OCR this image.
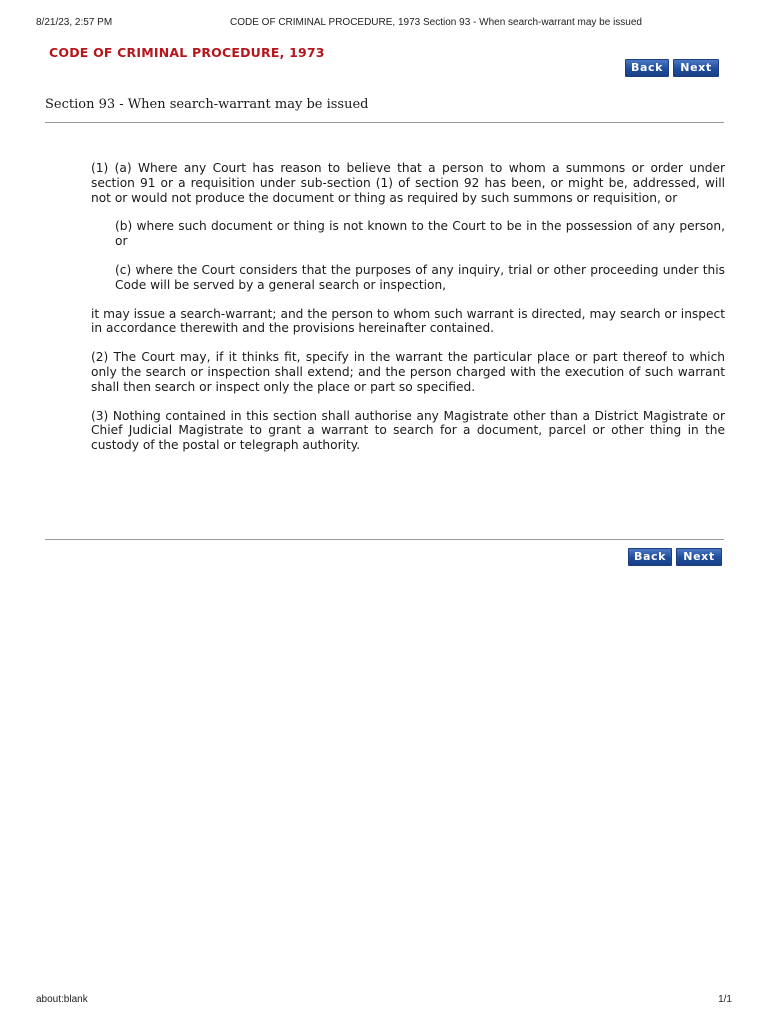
8/21/23, 2:57 PM	CODE OF CRIMINAL PROCEDURE, 1973 Section 93 - When search-warrant may be issued
CODE OF CRIMINAL PROCEDURE, 1973
Back	Next
Section 93 - When search-warrant may be issued

(1) (a) Where any Court has reason to believe that a person to whom a summons or order under section 91 or a requisition under sub-section (1) of section 92 has been, or might be, addressed, will not or would not produce the document or thing as required by such summons or requisition, or

(b) where such document or thing is not known to the Court to be in the possession of any person, or

(c) where the Court considers that the purposes of any inquiry, trial or other proceeding under this Code will be served by a general search or inspection,

it may issue a search-warrant; and the person to whom such warrant is directed, may search or inspect in accordance therewith and the provisions hereinafter contained.

(2) The Court may, if it thinks fit, specify in the warrant the particular place or part thereof to which only the search or inspection shall extend; and the person charged with the execution of such warrant shall then search or inspect only the place or part so specified.

(3) Nothing contained in this section shall authorise any Magistrate other than a District Magistrate or Chief Judicial Magistrate to grant a warrant to search for a document, parcel or other thing in the custody of the postal or telegraph authority.

Back	Next
about:blank	1/1
